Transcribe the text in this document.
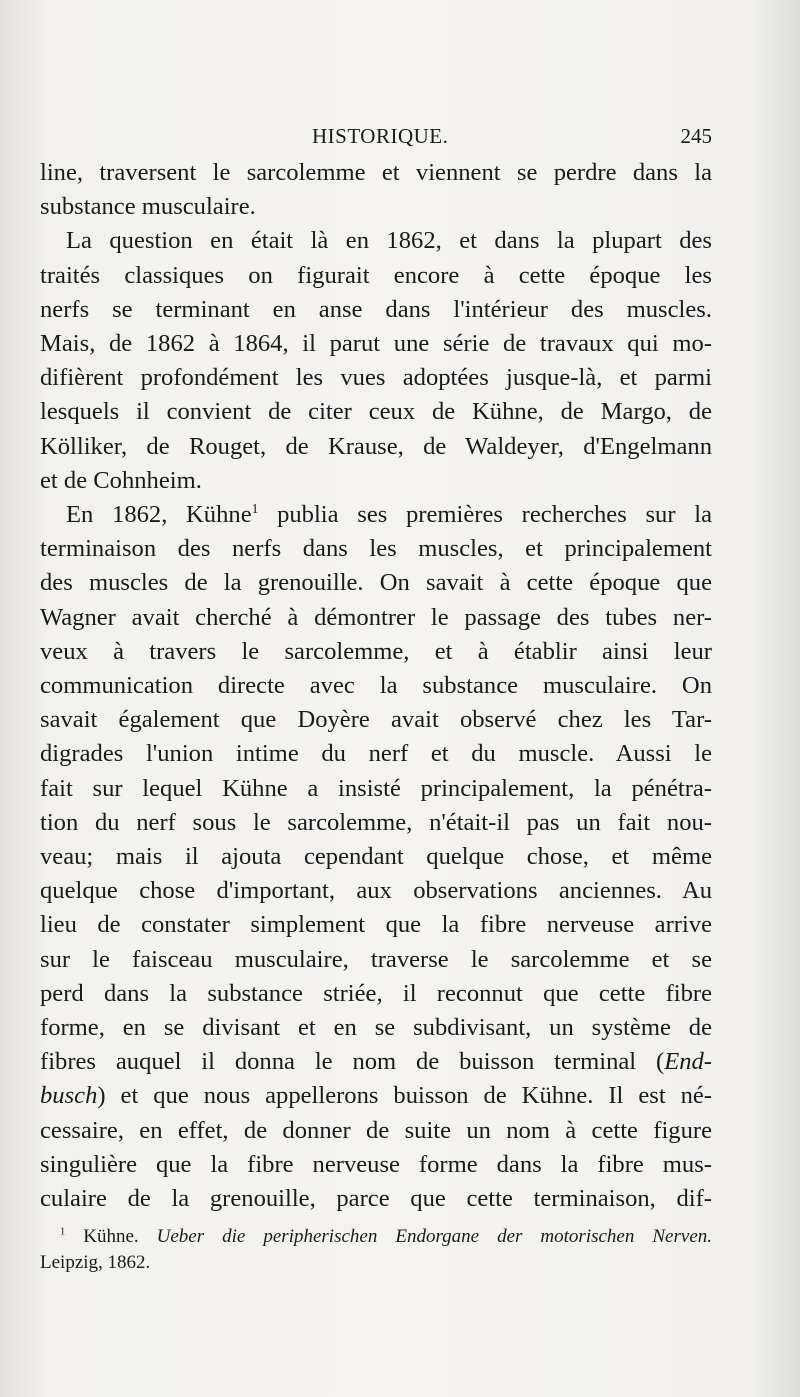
HISTORIQUE.	245
line, traversent le sarcolemme et viennent se perdre dans la
substance musculaire.
La question en était là en 1862, et dans la plupart des
traités classiques on figurait encore à cette époque les
nerfs se terminant en anse dans l'intérieur des muscles.
Mais, de 1862 à 1864, il parut une série de travaux qui mo-
difièrent profondément les vues adoptées jusque-là, et parmi
lesquels il convient de citer ceux de Kühne, de Margo, de
Kölliker, de Rouget, de Krause, de Waldeyer, d'Engelmann
et de Cohnheim.
En 1862, Kühne$^1$ publia ses premières recherches sur la
terminaison des nerfs dans les muscles, et principalement
des muscles de la grenouille. On savait à cette époque que
Wagner avait cherché à démontrer le passage des tubes ner-
veux à travers le sarcolemme, et à établir ainsi leur
communication directe avec la substance musculaire. On
savait également que Doyère avait observé chez les Tar-
digrades l'union intime du nerf et du muscle. Aussi le
fait sur lequel Kühne a insisté principalement, la pénétra-
tion du nerf sous le sarcolemme, n'était-il pas un fait nou-
veau; mais il ajouta cependant quelque chose, et même
quelque chose d'important, aux observations anciennes. Au
lieu de constater simplement que la fibre nerveuse arrive
sur le faisceau musculaire, traverse le sarcolemme et se
perd dans la substance striée, il reconnut que cette fibre
forme, en se divisant et en se subdivisant, un système de
fibres auquel il donna le nom de buisson terminal (End-
busch) et que nous appellerons buisson de Kühne. Il est né-
cessaire, en effet, de donner de suite un nom à cette figure
singulière que la fibre nerveuse forme dans la fibre mus-
culaire de la grenouille, parce que cette terminaison, dif-
$^1$ Kühne. Ueber die peripherischen Endorgane der motorischen Nerven.
Leipzig, 1862.
